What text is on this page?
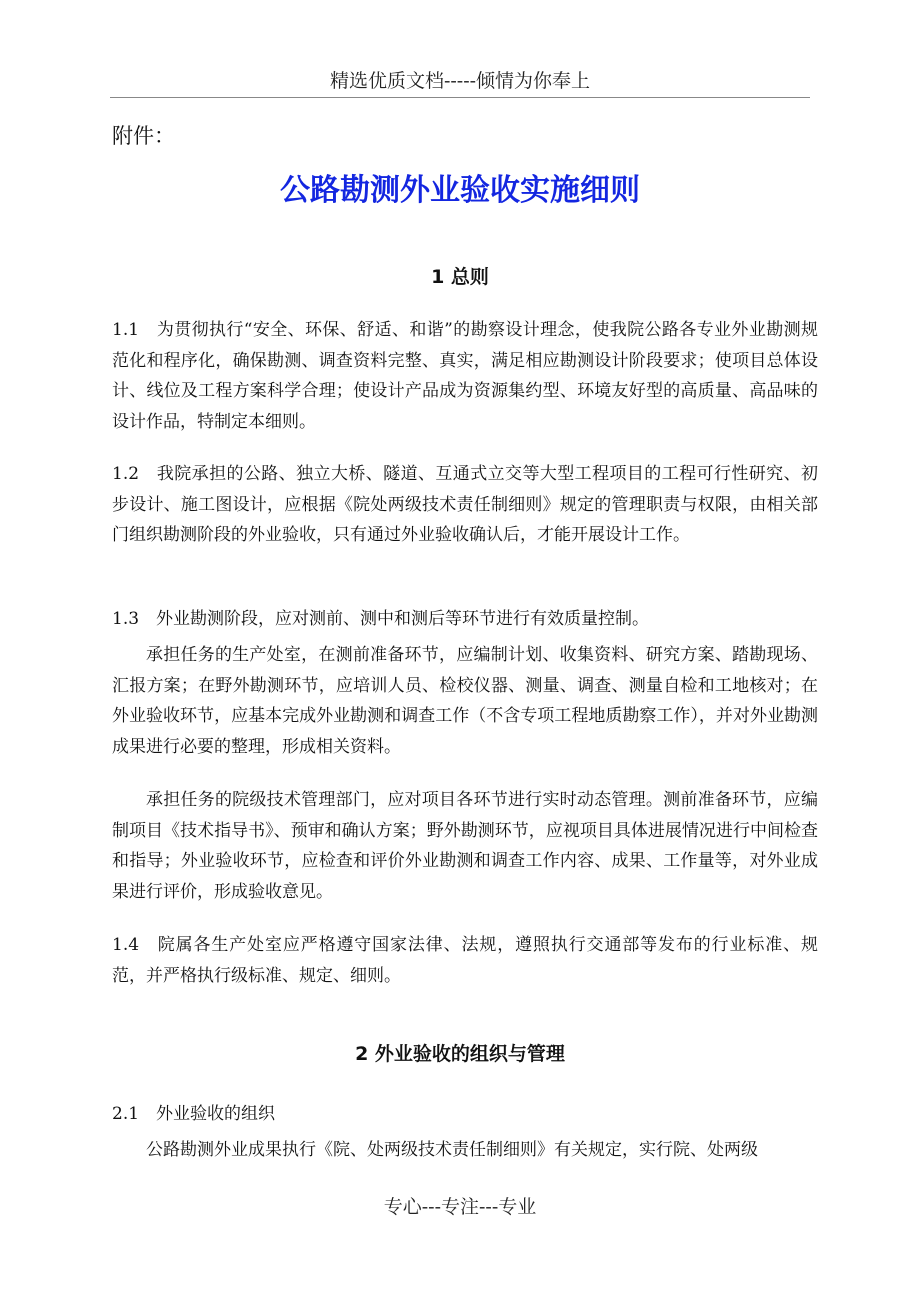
精选优质文档-----倾情为你奉上
附件：
公路勘测外业验收实施细则
1 总则
1.1　为贯彻执行“安全、环保、舒适、和谐”的勘察设计理念，使我院公路各专业外业勘测规范化和程序化，确保勘测、调查资料完整、真实，满足相应勘测设计阶段要求；使项目总体设计、线位及工程方案科学合理；使设计产品成为资源集约型、环境友好型的高质量、高品味的设计作品，特制定本细则。
1.2　我院承担的公路、独立大桥、隧道、互通式立交等大型工程项目的工程可行性研究、初步设计、施工图设计，应根据《院处两级技术责任制细则》规定的管理职责与权限，由相关部门组织勘测阶段的外业验收，只有通过外业验收确认后，才能开展设计工作。
1.3　外业勘测阶段，应对测前、测中和测后等环节进行有效质量控制。
承担任务的生产处室，在测前准备环节，应编制计划、收集资料、研究方案、踏勘现场、汇报方案；在野外勘测环节，应培训人员、检校仪器、测量、调查、测量自检和工地核对；在外业验收环节，应基本完成外业勘测和调查工作（不含专项工程地质勘察工作），并对外业勘测成果进行必要的整理，形成相关资料。
承担任务的院级技术管理部门，应对项目各环节进行实时动态管理。测前准备环节，应编制项目《技术指导书》、预审和确认方案；野外勘测环节，应视项目具体进展情况进行中间检查和指导；外业验收环节，应检查和评价外业勘测和调查工作内容、成果、工作量等，对外业成果进行评价，形成验收意见。
1.4　院属各生产处室应严格遵守国家法律、法规，遵照执行交通部等发布的行业标准、规范，并严格执行级标准、规定、细则。
2 外业验收的组织与管理
2.1　外业验收的组织
公路勘测外业成果执行《院、处两级技术责任制细则》有关规定，实行院、处两级
专心---专注---专业
